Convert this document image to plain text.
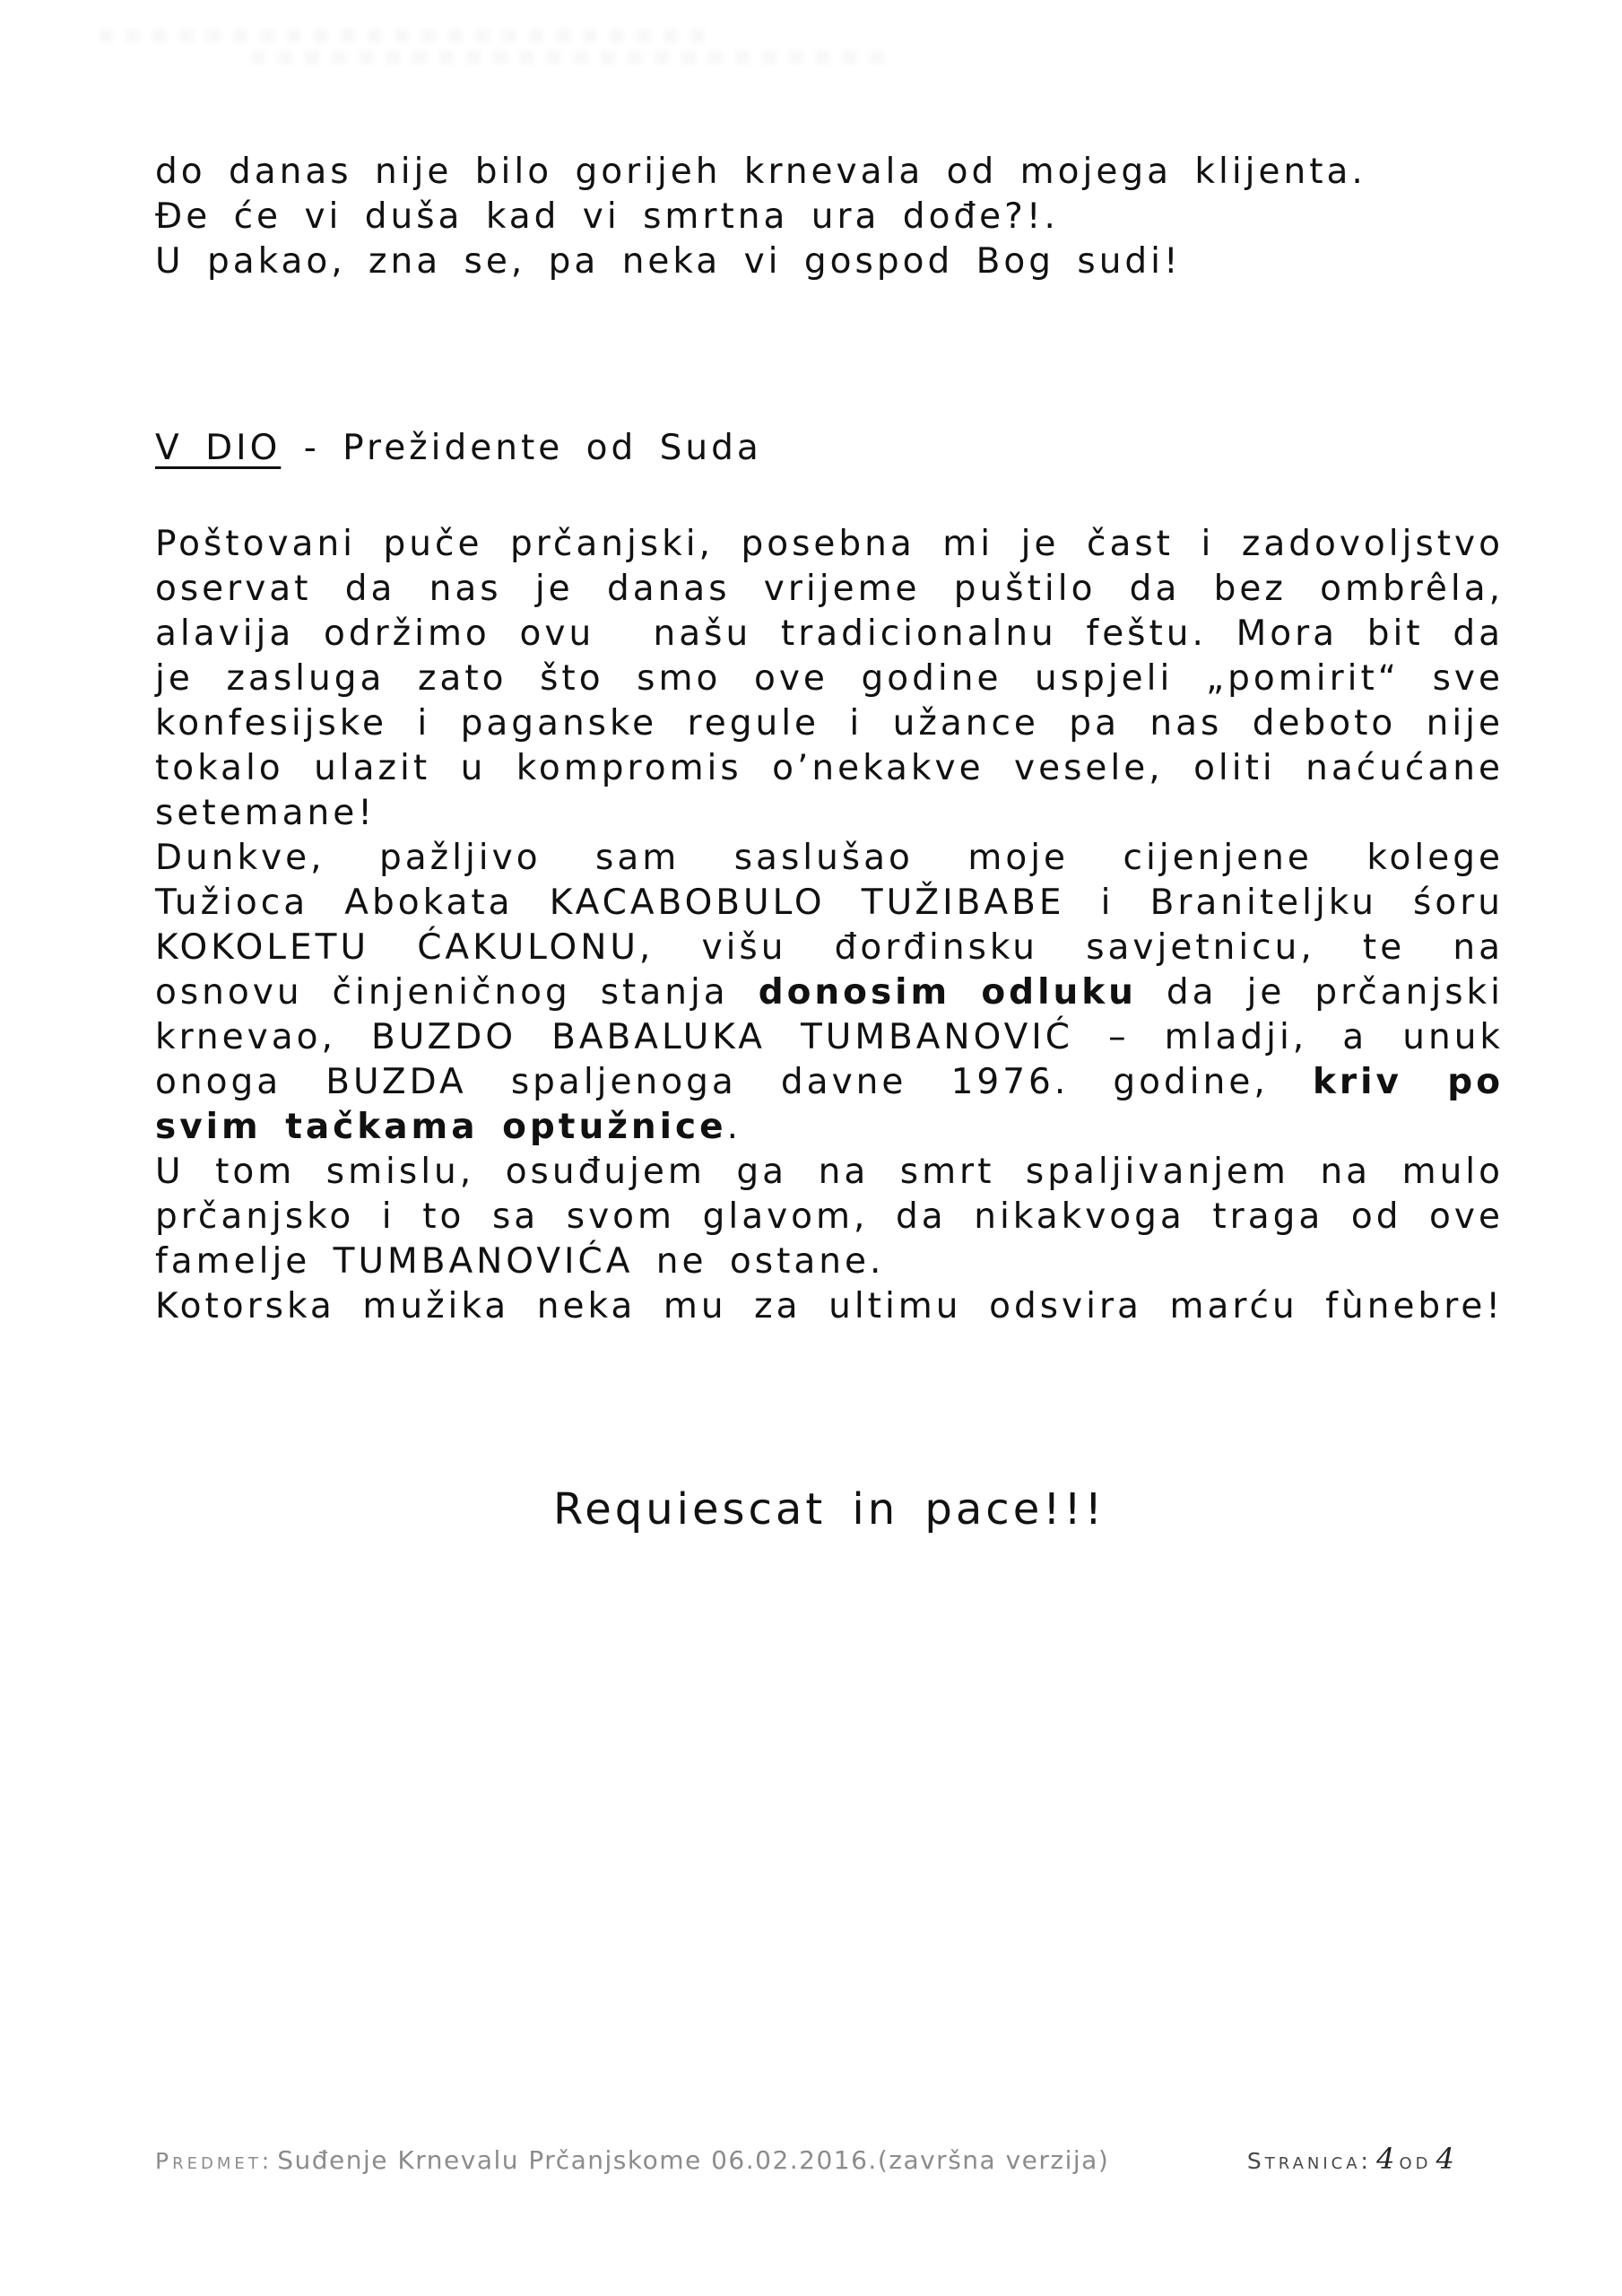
do danas nije bilo gorijeh krnevala od mojega klijenta.
Đe će vi duša kad vi smrtna ura dođe?!.
U pakao, zna se, pa neka vi gospod Bog sudi!
V DIO - Prežidente od Suda
Poštovani puče prčanjski, posebna mi je čast i zadovoljstvo
oservat da nas je danas vrijeme puštilo da bez ombrêla,
alavija održimo ovu  našu tradicionalnu feštu. Mora bit da
je zasluga zato što smo ove godine uspjeli „pomirit“ sve
konfesijske i paganske regule i užance pa nas deboto nije
tokalo ulazit u kompromis o’nekakve vesele, oliti naćućane
setemane!
Dunkve, pažljivo sam saslušao moje cijenjene kolege
Tužioca Abokata KACABOBULO TUŽIBABE i Braniteljku śoru
KOKOLETU ĆAKULONU, višu đorđinsku savjetnicu, te na
osnovu činjeničnog stanja donosim odluku da je prčanjski
krnevao, BUZDO BABALUKA TUMBANOVIĆ – mladji, a unuk
onoga BUZDA spaljenoga davne 1976. godine, kriv po
svim tačkama optužnice.
U tom smislu, osuđujem ga na smrt spaljivanjem na mulo
prčanjsko i to sa svom glavom, da nikakvoga traga od ove
famelje TUMBANOVIĆA ne ostane.
Kotorska mužika neka mu za ultimu odsvira marću fùnebre!
Requiescat in pace!!!
Predmet: Suđenje Krnevalu Prčanjskome 06.02.2016.(završna verzija)	Stranica: 4 od 4
